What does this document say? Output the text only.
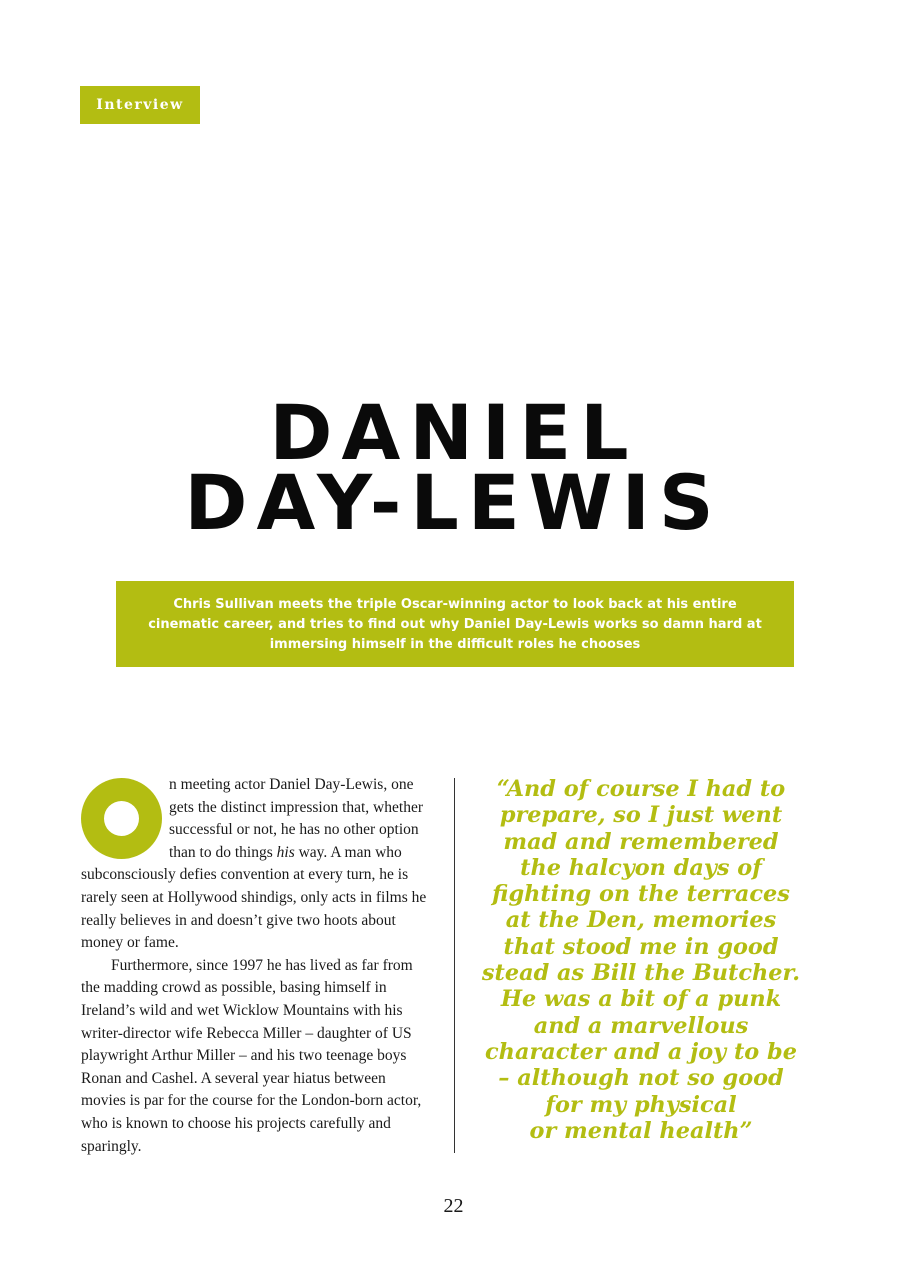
Interview
DANIEL
DAY-LEWIS
Chris Sullivan meets the triple Oscar-winning actor to look back at his entire cinematic career, and tries to find out why Daniel Day-Lewis works so damn hard at immersing himself in the difficult roles he chooses

n meeting actor Daniel Day-Lewis, one gets the distinct impression that, whether successful or not, he has no other option than to do things his way. A man who subconsciously defies convention at every turn, he is rarely seen at Hollywood shindigs, only acts in films he really believes in and doesn’t give two hoots about money or fame.

Furthermore, since 1997 he has lived as far from the madding crowd as possible, basing himself in Ireland’s wild and wet Wicklow Mountains with his writer-director wife Rebecca Miller – daughter of US playwright Arthur Miller – and his two teenage boys Ronan and Cashel. A several year hiatus between movies is par for the course for the London-born actor, who is known to choose his projects carefully and sparingly.

“And of course I had to
prepare, so I just went
mad and remembered
the halcyon days of
fighting on the terraces
at the Den, memories
that stood me in good
stead as Bill the Butcher.
He was a bit of a punk
and a marvellous
character and a joy to be
– although not so good
for my physical
or mental health”
22
